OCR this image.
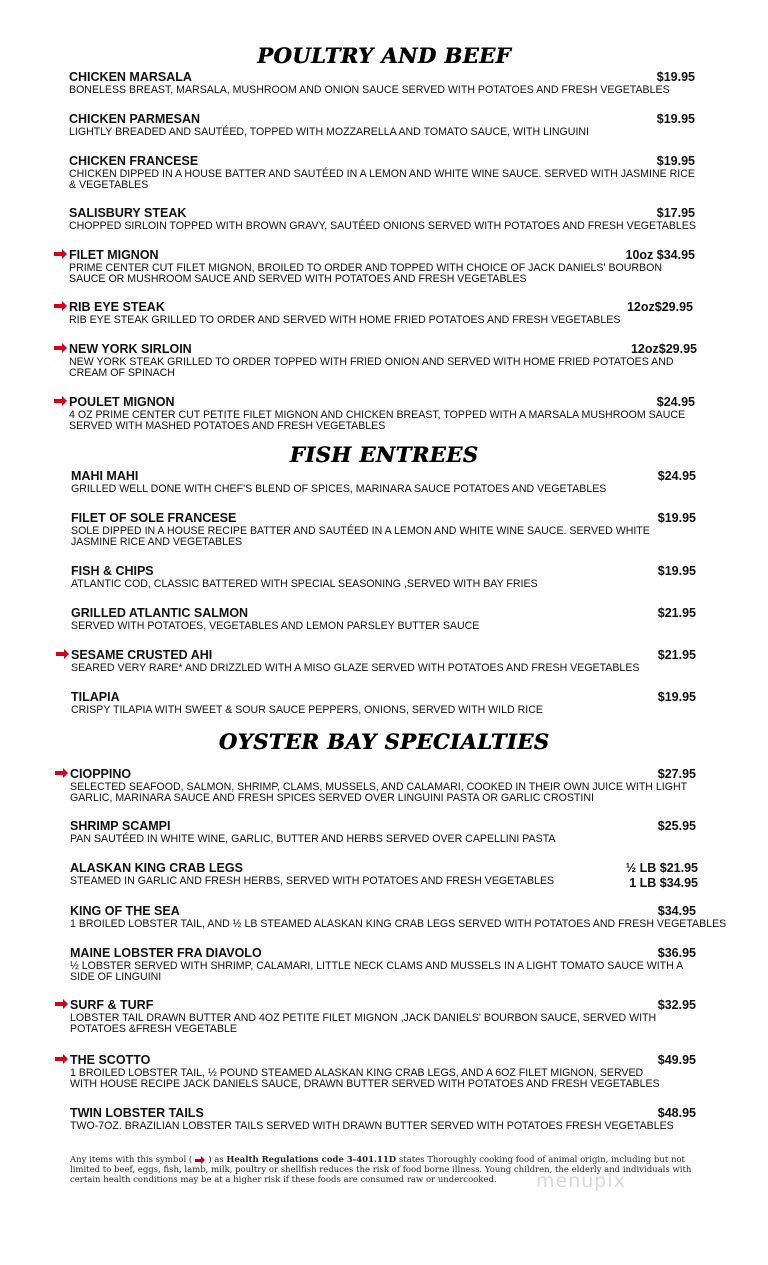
POULTRY AND BEEF
FISH ENTREES
OYSTER BAY SPECIALTIES
CHICKEN MARSALA	$19.95
BONELESS BREAST, MARSALA, MUSHROOM AND ONION SAUCE SERVED WITH POTATOES AND FRESH VEGETABLES
CHICKEN PARMESAN	$19.95
LIGHTLY BREADED AND SAUTÉED, TOPPED WITH MOZZARELLA AND TOMATO SAUCE, WITH LINGUINI
CHICKEN FRANCESE	$19.95
CHICKEN DIPPED IN A HOUSE BATTER AND SAUTÉED IN A LEMON AND WHITE WINE SAUCE. SERVED WITH JASMINE RICE & VEGETABLES
SALISBURY STEAK	$17.95
CHOPPED SIRLOIN TOPPED WITH BROWN GRAVY, SAUTÉED ONIONS SERVED WITH POTATOES AND FRESH VEGETABLES
FILET MIGNON	10oz $34.95
PRIME CENTER CUT FILET MIGNON, BROILED TO ORDER AND TOPPED WITH CHOICE OF JACK DANIELS' BOURBON SAUCE OR MUSHROOM SAUCE AND SERVED WITH POTATOES AND FRESH VEGETABLES
RIB EYE STEAK	12oz$29.95
RIB EYE STEAK GRILLED TO ORDER AND SERVED WITH HOME FRIED POTATOES AND FRESH VEGETABLES
NEW YORK SIRLOIN	12oz$29.95
NEW YORK STEAK GRILLED TO ORDER TOPPED WITH FRIED ONION AND SERVED WITH HOME FRIED POTATOES AND CREAM OF SPINACH
POULET MIGNON	$24.95
4 OZ PRIME CENTER CUT PETITE FILET MIGNON AND CHICKEN BREAST, TOPPED WITH A MARSALA MUSHROOM SAUCE SERVED WITH MASHED POTATOES AND FRESH VEGETABLES
MAHI MAHI	$24.95
GRILLED WELL DONE WITH CHEF'S BLEND OF SPICES, MARINARA SAUCE POTATOES AND VEGETABLES
FILET OF SOLE FRANCESE	$19.95
SOLE DIPPED IN A HOUSE RECIPE BATTER AND SAUTÉED IN A LEMON AND WHITE WINE SAUCE. SERVED WHITE JASMINE RICE AND VEGETABLES
FISH & CHIPS	$19.95
ATLANTIC COD, CLASSIC BATTERED WITH SPECIAL SEASONING ,SERVED WITH BAY FRIES
GRILLED ATLANTIC SALMON	$21.95
SERVED WITH POTATOES, VEGETABLES AND LEMON PARSLEY BUTTER SAUCE
SESAME CRUSTED AHI	$21.95
SEARED VERY RARE* AND DRIZZLED WITH A MISO GLAZE SERVED WITH POTATOES AND FRESH VEGETABLES
TILAPIA	$19.95
CRISPY TILAPIA WITH SWEET & SOUR SAUCE PEPPERS, ONIONS, SERVED WITH WILD RICE
CIOPPINO	$27.95
SELECTED SEAFOOD, SALMON, SHRIMP, CLAMS, MUSSELS, AND CALAMARI, COOKED IN THEIR OWN JUICE WITH LIGHT GARLIC, MARINARA SAUCE AND FRESH SPICES SERVED OVER LINGUINI PASTA OR GARLIC CROSTINI
SHRIMP SCAMPI	$25.95
PAN SAUTÉED IN WHITE WINE, GARLIC, BUTTER AND HERBS SERVED OVER CAPELLINI PASTA
ALASKAN KING CRAB LEGS	½ LB $21.95
1 LB $34.95
STEAMED IN GARLIC AND FRESH HERBS, SERVED WITH POTATOES AND FRESH VEGETABLES
KING OF THE SEA	$34.95
1 BROILED LOBSTER TAIL, AND ½ LB STEAMED ALASKAN KING CRAB LEGS SERVED WITH POTATOES AND FRESH VEGETABLES
MAINE LOBSTER FRA DIAVOLO	$36.95
½ LOBSTER SERVED WITH SHRIMP, CALAMARI, LITTLE NECK CLAMS AND MUSSELS IN A LIGHT TOMATO SAUCE WITH A SIDE OF LINGUINI
SURF & TURF	$32.95
LOBSTER TAIL DRAWN BUTTER AND 4OZ PETITE FILET MIGNON ,JACK DANIELS' BOURBON SAUCE, SERVED WITH POTATOES &FRESH VEGETABLE
THE SCOTTO	$49.95
1 BROILED LOBSTER TAIL, ½ POUND STEAMED ALASKAN KING CRAB LEGS, AND A 6OZ FILET MIGNON, SERVED WITH HOUSE RECIPE JACK DANIELS SAUCE, DRAWN BUTTER SERVED WITH POTATOES AND FRESH VEGETABLES
TWIN LOBSTER TAILS	$48.95
TWO-7OZ. BRAZILIAN LOBSTER TAILS SERVED WITH DRAWN BUTTER SERVED WITH POTATOES FRESH VEGETABLES
Any items with this symbol ( ) as Health Regulations code 3-401.11D states Thoroughly cooking food of animal origin, including but not limited to beef, eggs, fish, lamb, milk, poultry or shellfish reduces the risk of food borne illness. Young children, the elderly and individuals with certain health conditions may be at a higher risk if these foods are consumed raw or undercooked.	menupix
